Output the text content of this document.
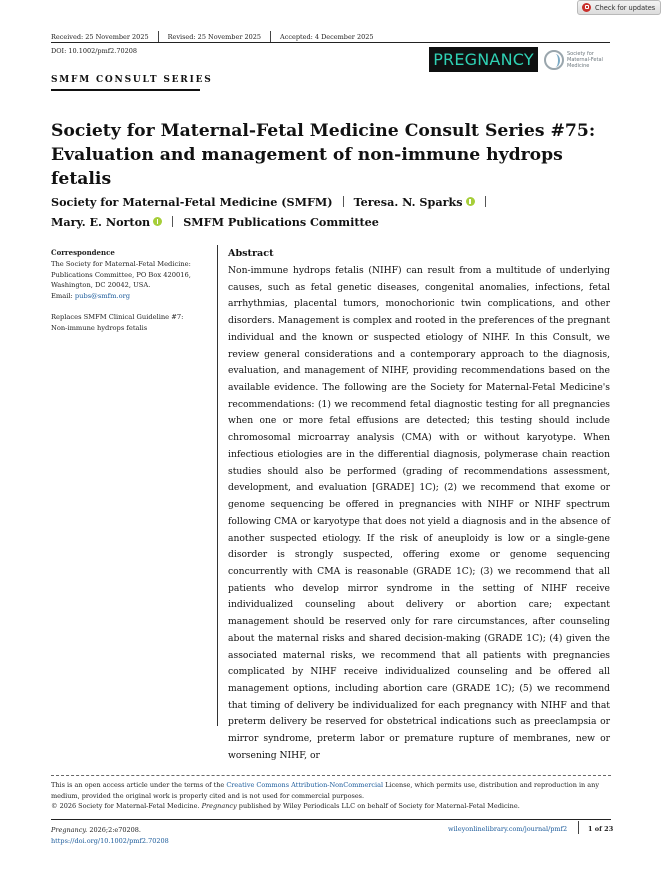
Check for updates
Received: 25 November 2025	Revised: 25 November 2025	Accepted: 4 December 2025
DOI: 10.1002/pmf2.70208	PREGNANCY	Society for Maternal-Fetal Medicine
SMFM CONSULT SERIES
Society for Maternal-Fetal Medicine Consult Series #75: Evaluation and management of non-immune hydrops fetalis
Society for Maternal-Fetal Medicine (SMFM) Teresa. N. Sparks
Mary. E. Norton	SMFM Publications Committee
Correspondence
The Society for Maternal-Fetal Medicine:
Publications Committee, PO Box 420016,
Washington, DC 20042, USA.
Email: pubs@smfm.org
Replaces SMFM Clinical Guideline #7:
Non-immune hydrops fetalis
Abstract
Non-immune hydrops fetalis (NIHF) can result from a multitude of underlying causes, such as fetal genetic diseases, congenital anomalies, infections, fetal arrhythmias, placental tumors, monochorionic twin complications, and other disorders. Management is complex and rooted in the preferences of the pregnant individual and the known or suspected etiology of NIHF. In this Consult, we review general considerations and a contemporary approach to the diagnosis, evaluation, and management of NIHF, providing recommendations based on the available evidence. The following are the Society for Maternal-Fetal Medicine's recommendations: (1) we recommend fetal diagnostic testing for all pregnancies when one or more fetal effusions are detected; this testing should include chromosomal microarray analysis (CMA) with or without karyotype. When infectious etiologies are in the differential diagnosis, polymerase chain reaction studies should also be performed (grading of recommendations assessment, development, and evaluation [GRADE] 1C); (2) we recommend that exome or genome sequencing be offered in pregnancies with NIHF or NIHF spectrum following CMA or karyotype that does not yield a diagnosis and in the absence of another suspected etiology. If the risk of aneuploidy is low or a single-gene disorder is strongly suspected, offering exome or genome sequencing concurrently with CMA is reasonable (GRADE 1C); (3) we recommend that all patients who develop mirror syndrome in the setting of NIHF receive individualized counseling about delivery or abortion care; expectant management should be reserved only for rare circumstances, after counseling about the maternal risks and shared decision-making (GRADE 1C); (4) given the associated maternal risks, we recommend that all patients with pregnancies complicated by NIHF receive individualized counseling and be offered all management options, including abortion care (GRADE 1C); (5) we recommend that timing of delivery be individualized for each pregnancy with NIHF and that preterm delivery be reserved for obstetrical indications such as preeclampsia or mirror syndrome, preterm labor or premature rupture of membranes, new or worsening NIHF, or
This is an open access article under the terms of the Creative Commons Attribution-NonCommercial License, which permits use, distribution and reproduction in any medium, provided the original work is properly cited and is not used for commercial purposes.
© 2026 Society for Maternal-Fetal Medicine. Pregnancy published by Wiley Periodicals LLC on behalf of Society for Maternal-Fetal Medicine.
Pregnancy. 2026;2:e70208.
https://doi.org/10.1002/pmf2.70208
wileyonlinelibrary.com/journal/pmf2	1 of 23
